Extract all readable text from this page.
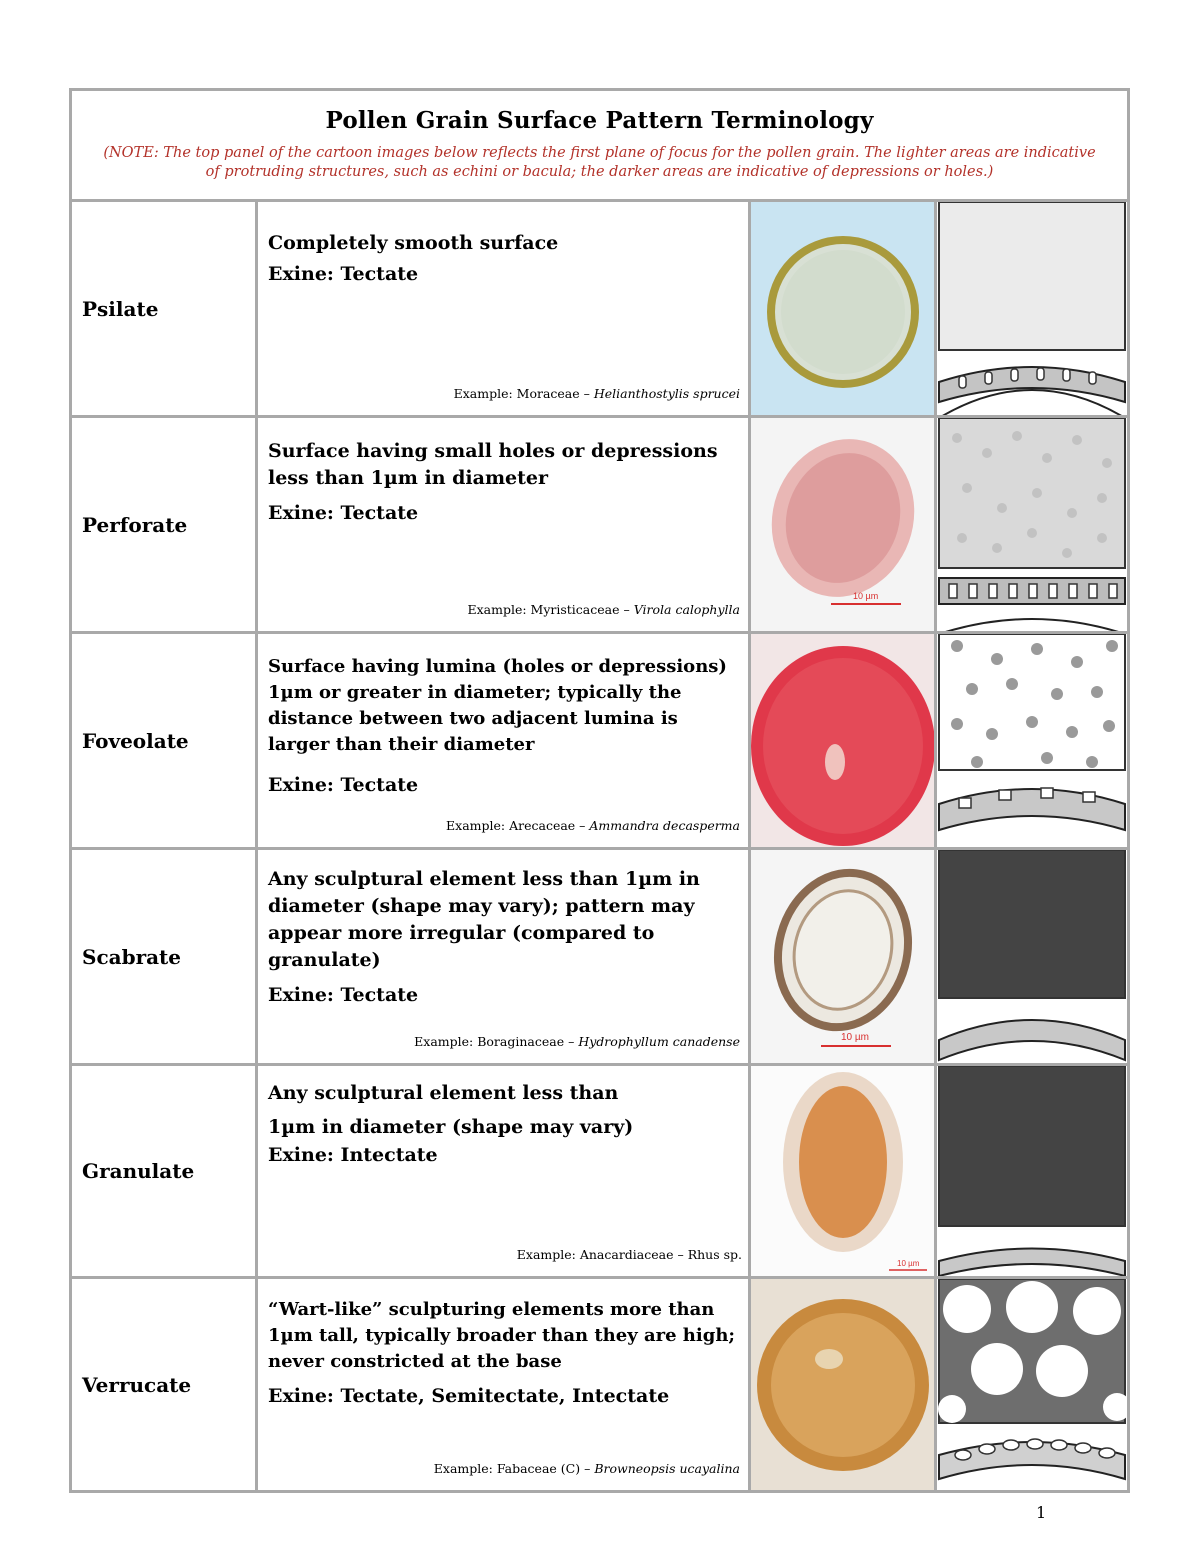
Pollen Grain Surface Pattern Terminology
(NOTE: The top panel of the cartoon images below reflects the first plane of focus for the pollen grain. The lighter areas are indicative of protruding structures, such as echini or bacula; the darker areas are indicative of depressions or holes.)
Psilate
Completely smooth surface
Exine: Tectate
Example: Moraceae – Helianthostylis sprucei
Perforate
Surface having small holes or depressions less than 1µm in diameter
Exine: Tectate
Example: Myristicaceae – Virola calophylla
10 µm
Foveolate
Surface having lumina (holes or depressions) 1µm or greater in diameter; typically the distance between two adjacent lumina is larger than their diameter
Exine: Tectate
Example: Arecaceae – Ammandra decasperma
Scabrate
Any sculptural element less than 1µm in diameter (shape may vary); pattern may appear more irregular (compared to granulate)
Exine: Tectate
Example: Boraginaceae – Hydrophyllum canadense	10 µm
Granulate
Any sculptural element less than 1µm in diameter (shape may vary)
Exine: Intectate
Example: Anacardiaceae – Rhus sp.
10 µm
Verrucate
“Wart-like” sculpturing elements more than 1µm tall, typically broader than they are high; never constricted at the base
Exine: Tectate, Semitectate, Intectate
Example: Fabaceae (C) – Browneopsis ucayalina
1
